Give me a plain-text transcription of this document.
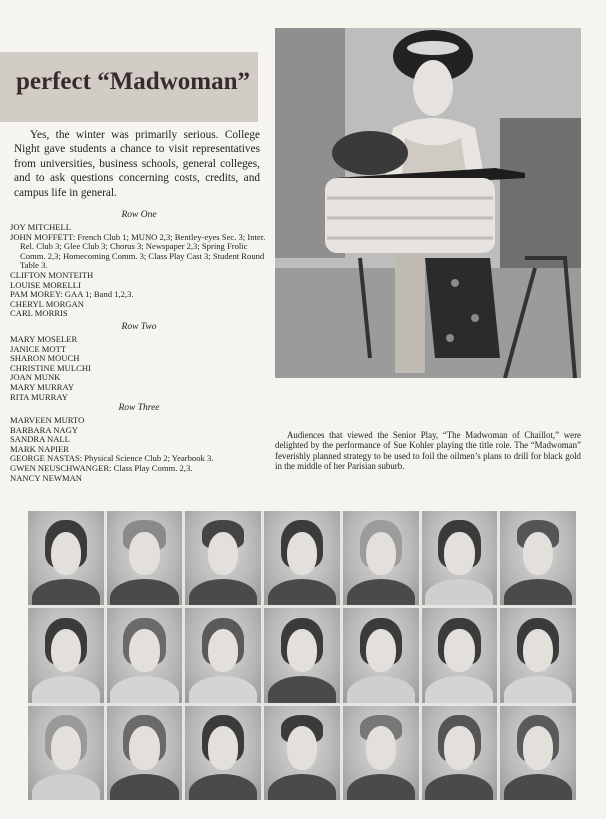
perfect “Madwoman”

Yes, the winter was primarily serious. College Night gave students a chance to visit representatives from universities, business schools, general colleges, and to ask questions concerning costs, credits, and campus life in general.

Row One

JOY MITCHELL

JOHN MOFFETT: French Club 1; MUNO 2,3; Bentley-eyes Sec. 3; Inter. Rel. Club 3; Glee Club 3; Chorus 3; Newspaper 2,3; Spring Frolic Comm. 2,3; Homecoming Comm. 3; Class Play Cast 3; Student Round Table 3.

CLIFTON MONTEITH

LOUISE MORELLI

PAM MOREY: GAA 1; Band 1,2,3.

CHERYL MORGAN

CARL MORRIS

Row Two

MARY MOSELER

JANICE MOTT

SHARON MOUCH

CHRISTINE MULCHI

JOAN MUNK

MARY MURRAY

RITA MURRAY

Row Three

MARVEEN MURTO

BARBARA NAGY

SANDRA NALL

MARK NAPIER

GEORGE NASTAS: Physical Science Club 2; Yearbook 3.

GWEN NEUSCHWANGER: Class Play Comm. 2,3.

NANCY NEWMAN

Audiences that viewed the Senior Play, “The Madwoman of Chaillot,” were delighted by the performance of Sue Kohler playing the title role. The “Madwoman” feverishly planned strategy to be used to foil the oilmen’s plans to drill for black gold in the middle of her Parisian suburb.
